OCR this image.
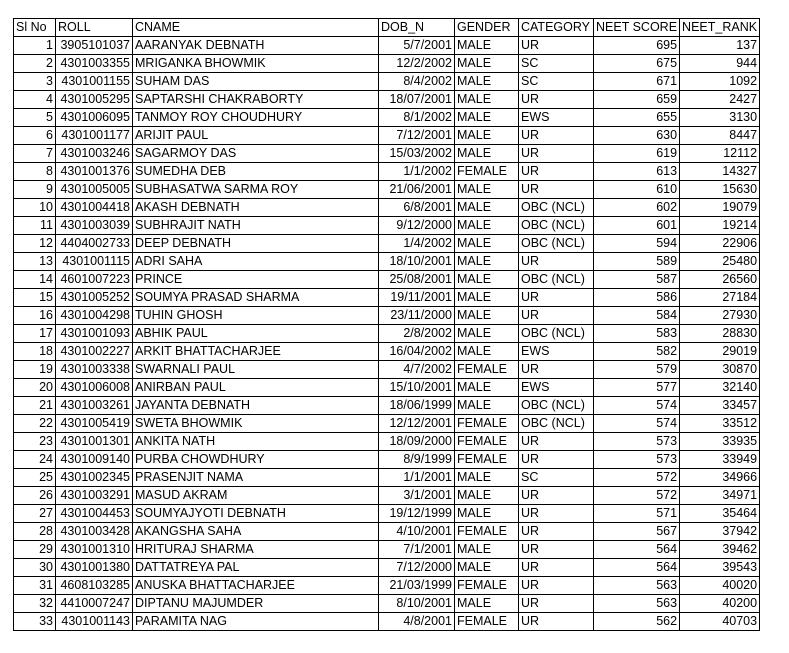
Sl No	ROLL	CNAME	DOB_N	GENDER	CATEGORY	NEET SCORE	NEET_RANK
1	3905101037	AARANYAK DEBNATH	5/7/2001	MALE	UR	695	137
2	4301003355	MRIGANKA BHOWMIK	12/2/2002	MALE	SC	675	944
3	4301001155	SUHAM DAS	8/4/2002	MALE	SC	671	1092
4	4301005295	SAPTARSHI CHAKRABORTY	18/07/2001	MALE	UR	659	2427
5	4301006095	TANMOY ROY CHOUDHURY	8/1/2002	MALE	EWS	655	3130
6	4301001177	ARIJIT PAUL	7/12/2001	MALE	UR	630	8447
7	4301003246	SAGARMOY DAS	15/03/2002	MALE	UR	619	12112
8	4301001376	SUMEDHA DEB	1/1/2002	FEMALE	UR	613	14327
9	4301005005	SUBHASATWA SARMA ROY	21/06/2001	MALE	UR	610	15630
10	4301004418	AKASH DEBNATH	6/8/2001	MALE	OBC (NCL)	602	19079
11	4301003039	SUBHRAJIT NATH	9/12/2000	MALE	OBC (NCL)	601	19214
12	4404002733	DEEP DEBNATH	1/4/2002	MALE	OBC (NCL)	594	22906
13	4301001115	ADRI SAHA	18/10/2001	MALE	UR	589	25480
14	4601007223	PRINCE	25/08/2001	MALE	OBC (NCL)	587	26560
15	4301005252	SOUMYA PRASAD SHARMA	19/11/2001	MALE	UR	586	27184
16	4301004298	TUHIN GHOSH	23/11/2000	MALE	UR	584	27930
17	4301001093	ABHIK PAUL	2/8/2002	MALE	OBC (NCL)	583	28830
18	4301002227	ARKIT BHATTACHARJEE	16/04/2002	MALE	EWS	582	29019
19	4301003338	SWARNALI PAUL	4/7/2002	FEMALE	UR	579	30870
20	4301006008	ANIRBAN PAUL	15/10/2001	MALE	EWS	577	32140
21	4301003261	JAYANTA DEBNATH	18/06/1999	MALE	OBC (NCL)	574	33457
22	4301005419	SWETA BHOWMIK	12/12/2001	FEMALE	OBC (NCL)	574	33512
23	4301001301	ANKITA NATH	18/09/2000	FEMALE	UR	573	33935
24	4301009140	PURBA CHOWDHURY	8/9/1999	FEMALE	UR	573	33949
25	4301002345	PRASENJIT NAMA	1/1/2001	MALE	SC	572	34966
26	4301003291	MASUD AKRAM	3/1/2001	MALE	UR	572	34971
27	4301004453	SOUMYAJYOTI DEBNATH	19/12/1999	MALE	UR	571	35464
28	4301003428	AKANGSHA SAHA	4/10/2001	FEMALE	UR	567	37942
29	4301001310	HRITURAJ SHARMA	7/1/2001	MALE	UR	564	39462
30	4301001380	DATTATREYA PAL	7/12/2000	MALE	UR	564	39543
31	4608103285	ANUSKA BHATTACHARJEE	21/03/1999	FEMALE	UR	563	40020
32	4410007247	DIPTANU MAJUMDER	8/10/2001	MALE	UR	563	40200
33	4301001143	PARAMITA NAG	4/8/2001	FEMALE	UR	562	40703
